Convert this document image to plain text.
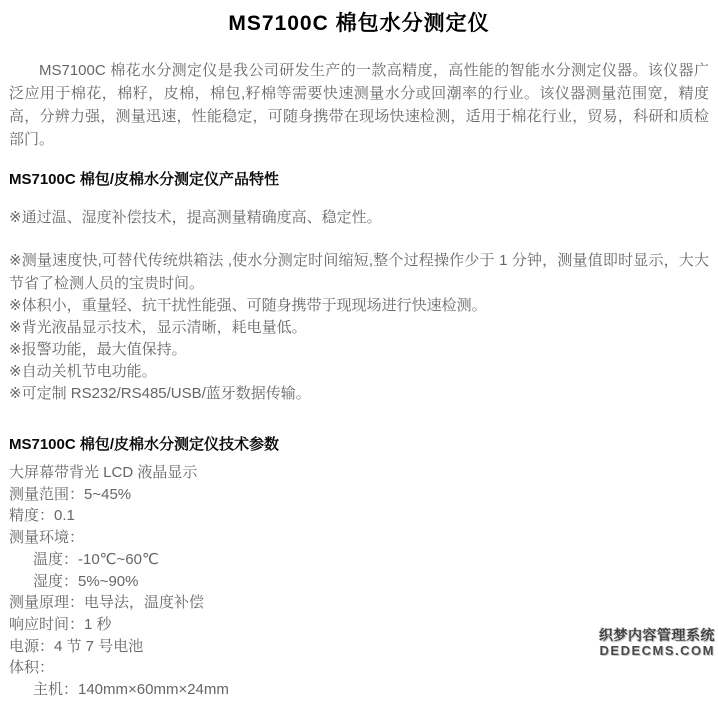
MS7100C 棉包水分测定仪

MS7100C 棉花水分测定仪是我公司研发生产的一款高精度，高性能的智能水分测定仪器。该仪器广泛应用于棉花，棉籽，皮棉，棉包,籽棉等需要快速测量水分或回潮率的行业。该仪器测量范围宽，精度高，分辨力强，测量迅速，性能稳定，可随身携带在现场快速检测，适用于棉花行业，贸易，科研和质检部门。

MS7100C 棉包/皮棉水分测定仪产品特性

※通过温、湿度补偿技术，提高测量精确度高、稳定性。

※测量速度快,可替代传统烘箱法 ,使水分测定时间缩短,整个过程操作少于 1 分钟，测量值即时显示，大大节省了检测人员的宝贵时间。

※体积小，重量轻、抗干扰性能强、可随身携带于现现场进行快速检测。

※背光液晶显示技术，显示清晰，耗电量低。

※报警功能，最大值保持。

※自动关机节电功能。

※可定制 RS232/RS485/USB/蓝牙数据传输。

MS7100C 棉包/皮棉水分测定仪技术参数

大屏幕带背光 LCD 液晶显示

测量范围：5~45%

精度：0.1

测量环境：

温度：-10℃~60℃

湿度：5%~90%

测量原理：电导法，温度补偿

响应时间：1 秒

电源：4 节 7 号电池

体积：

主机：140mm×60mm×24mm

织梦内容管理系统
DEDECMS.COM
